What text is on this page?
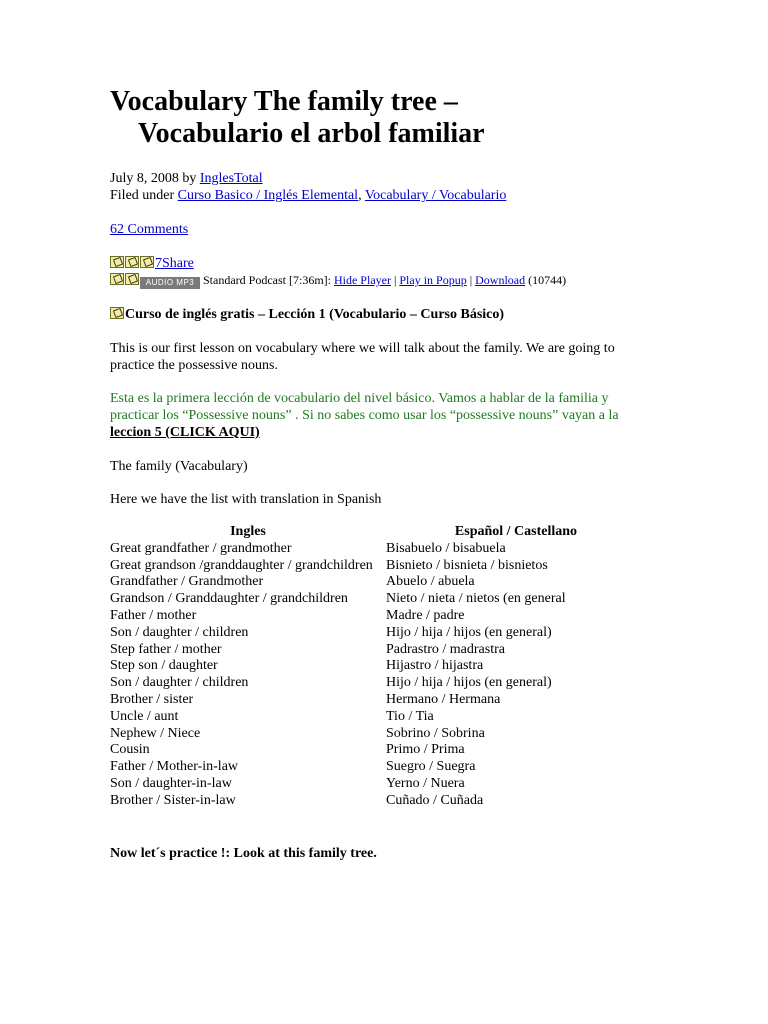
Vocabulary The family tree –
Vocabulario el arbol familiar
July 8, 2008 by InglesTotal
Filed under Curso Basico / Inglés Elemental, Vocabulary / Vocabulario
62 Comments
7Share
AUDIO MP3 Standard Podcast [7:36m]: Hide Player | Play in Popup | Download (10744)
Curso de inglés gratis – Lección 1 (Vocabulario – Curso Básico)

This is our first lesson on vocabulary where we will talk about the family. We are going to practice the possessive nouns.

Esta es la primera lección de vocabulario del nivel básico. Vamos a hablar de la familia y practicar los “Possessive nouns” . Si no sabes como usar los “possessive nouns” vayan a la leccion 5 (CLICK AQUI)

The family (Vacabulary)

Here we have the list with translation in Spanish

Ingles	Español / Castellano
Great grandfather / grandmother	Bisabuelo / bisabuela
Great grandson /granddaughter / grandchildren	Bisnieto / bisnieta / bisnietos
Grandfather / Grandmother	Abuelo / abuela
Grandson / Granddaughter / grandchildren	Nieto / nieta / nietos (en general
Father / mother	Madre / padre
Son / daughter / children	Hijo / hija / hijos (en general)
Step father / mother	Padrastro / madrastra
Step son / daughter	Hijastro / hijastra
Son / daughter / children	Hijo / hija / hijos (en general)
Brother / sister	Hermano / Hermana
Uncle / aunt	Tio / Tia
Nephew / Niece	Sobrino / Sobrina
Cousin	Primo / Prima
Father / Mother-in-law	Suegro / Suegra
Son / daughter-in-law	Yerno / Nuera
Brother / Sister-in-law	Cuñado / Cuñada
Now let´s practice !: Look at this family tree.
